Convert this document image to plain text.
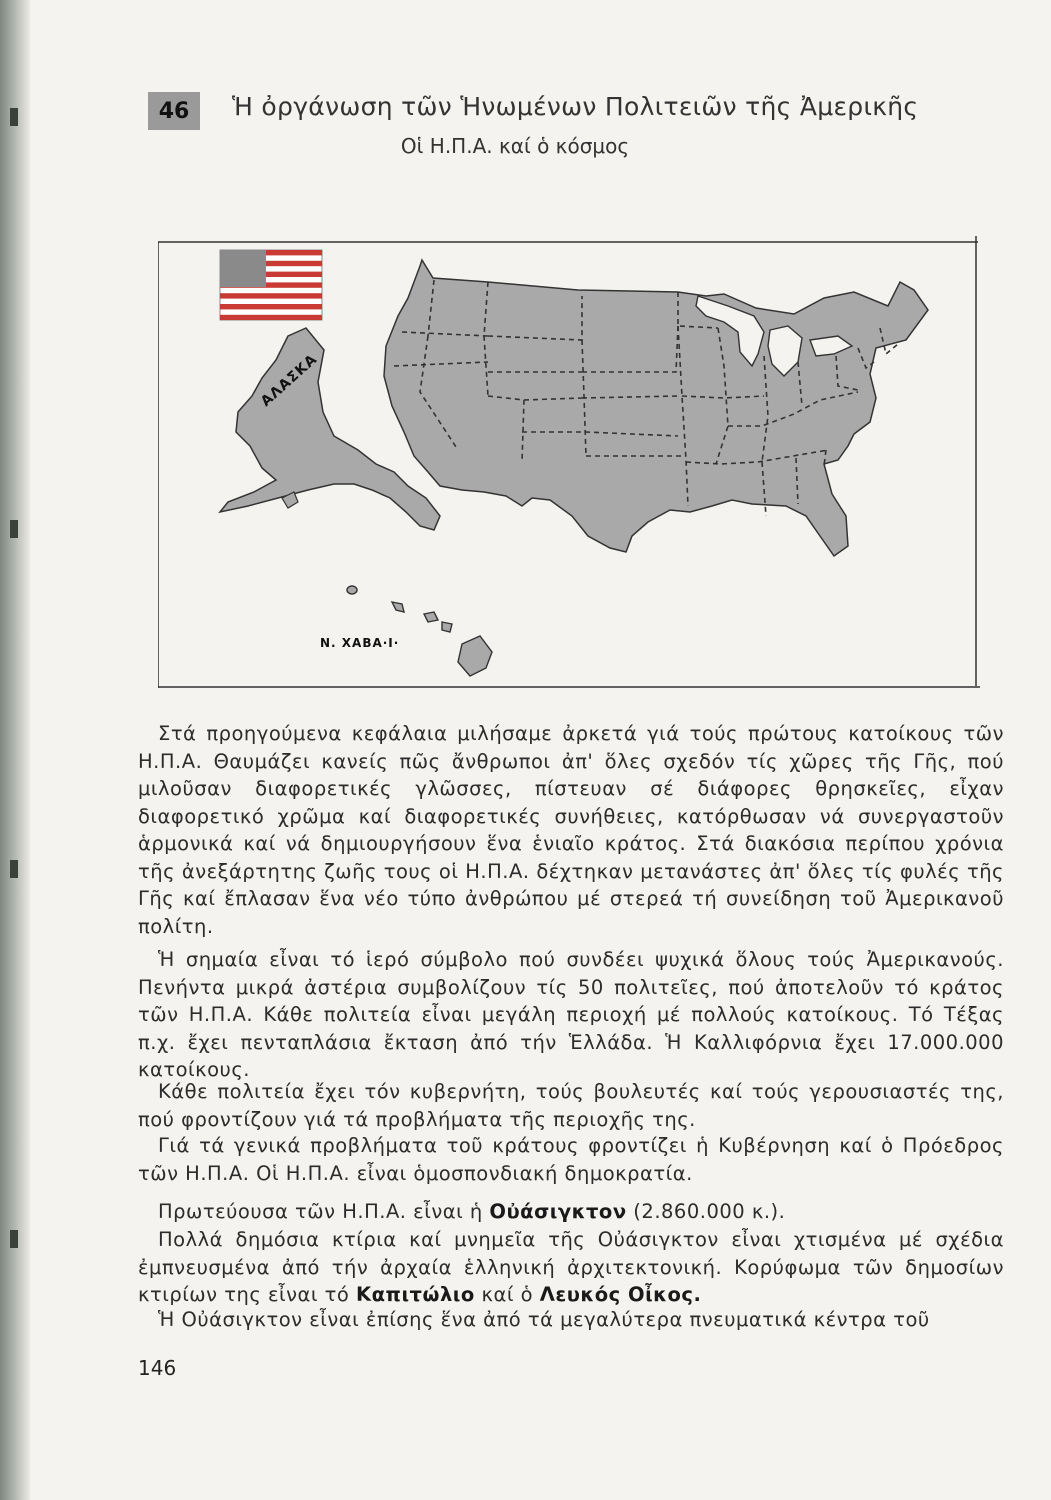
46	Ἡ ὀργάνωση τῶν Ἡνωμένων Πολιτειῶν τῆς Ἀμερικῆς
Οἱ Η.Π.Α. καί ὁ κόσμος
ΑΛΑΣΚΑ
Ν. ΧΑΒΑ·Ι·
Στά προηγούμενα κεφάλαια μιλήσαμε ἀρκετά γιά τούς πρώτους κατοίκους τῶν Η.Π.Α. Θαυμάζει κανείς πῶς ἄνθρωποι ἀπ' ὅλες σχεδόν τίς χῶρες τῆς Γῆς, πού μιλοῦσαν διαφορετικές γλῶσσες, πίστευαν σέ διάφορες θρησκεῖες, εἶχαν διαφορετικό χρῶμα καί διαφορετικές συνήθειες, κατόρθωσαν νά συνεργαστοῦν ἁρμονικά καί νά δημιουργήσουν ἕνα ἑνιαῖο κράτος. Στά διακόσια περίπου χρόνια τῆς ἀνεξάρτητης ζωῆς τους οἱ Η.Π.Α. δέχτηκαν μετανάστες ἀπ' ὅλες τίς φυλές τῆς Γῆς καί ἔπλασαν ἕνα νέο τύπο ἀνθρώπου μέ στερεά τή συνείδηση τοῦ Ἀμερικανοῦ πολίτη.
Ἡ σημαία εἶναι τό ἱερό σύμβολο πού συνδέει ψυχικά ὅλους τούς Ἀμερικανούς. Πενήντα μικρά ἀστέρια συμβολίζουν τίς 50 πολιτεῖες, πού ἀποτελοῦν τό κράτος τῶν Η.Π.Α. Κάθε πολιτεία εἶναι μεγάλη περιοχή μέ πολλούς κατοίκους. Τό Τέξας π.χ. ἔχει πενταπλάσια ἔκταση ἀπό τήν Ἑλλάδα. Ἡ Καλλιφόρνια ἔχει 17.000.000 κατοίκους.
Κάθε πολιτεία ἔχει τόν κυβερνήτη, τούς βουλευτές καί τούς γερουσιαστές της, πού φροντίζουν γιά τά προβλήματα τῆς περιοχῆς της.
Γιά τά γενικά προβλήματα τοῦ κράτους φροντίζει ἡ Κυβέρνηση καί ὁ Πρόεδρος τῶν Η.Π.Α. Οἱ Η.Π.Α. εἶναι ὁμοσπονδιακή δημοκρατία.
Πρωτεύουσα τῶν Η.Π.Α. εἶναι ἡ Οὐάσιγκτον (2.860.000 κ.).
Πολλά δημόσια κτίρια καί μνημεῖα τῆς Οὐάσιγκτον εἶναι χτισμένα μέ σχέδια ἐμπνευσμένα ἀπό τήν ἀρχαία ἑλληνική ἀρχιτεκτονική. Κορύφωμα τῶν δημοσίων κτιρίων της εἶναι τό Καπιτώλιο καί ὁ Λευκός Οἶκος.
Ἡ Οὐάσιγκτον εἶναι ἐπίσης ἕνα ἀπό τά μεγαλύτερα πνευματικά κέντρα τοῦ
146
